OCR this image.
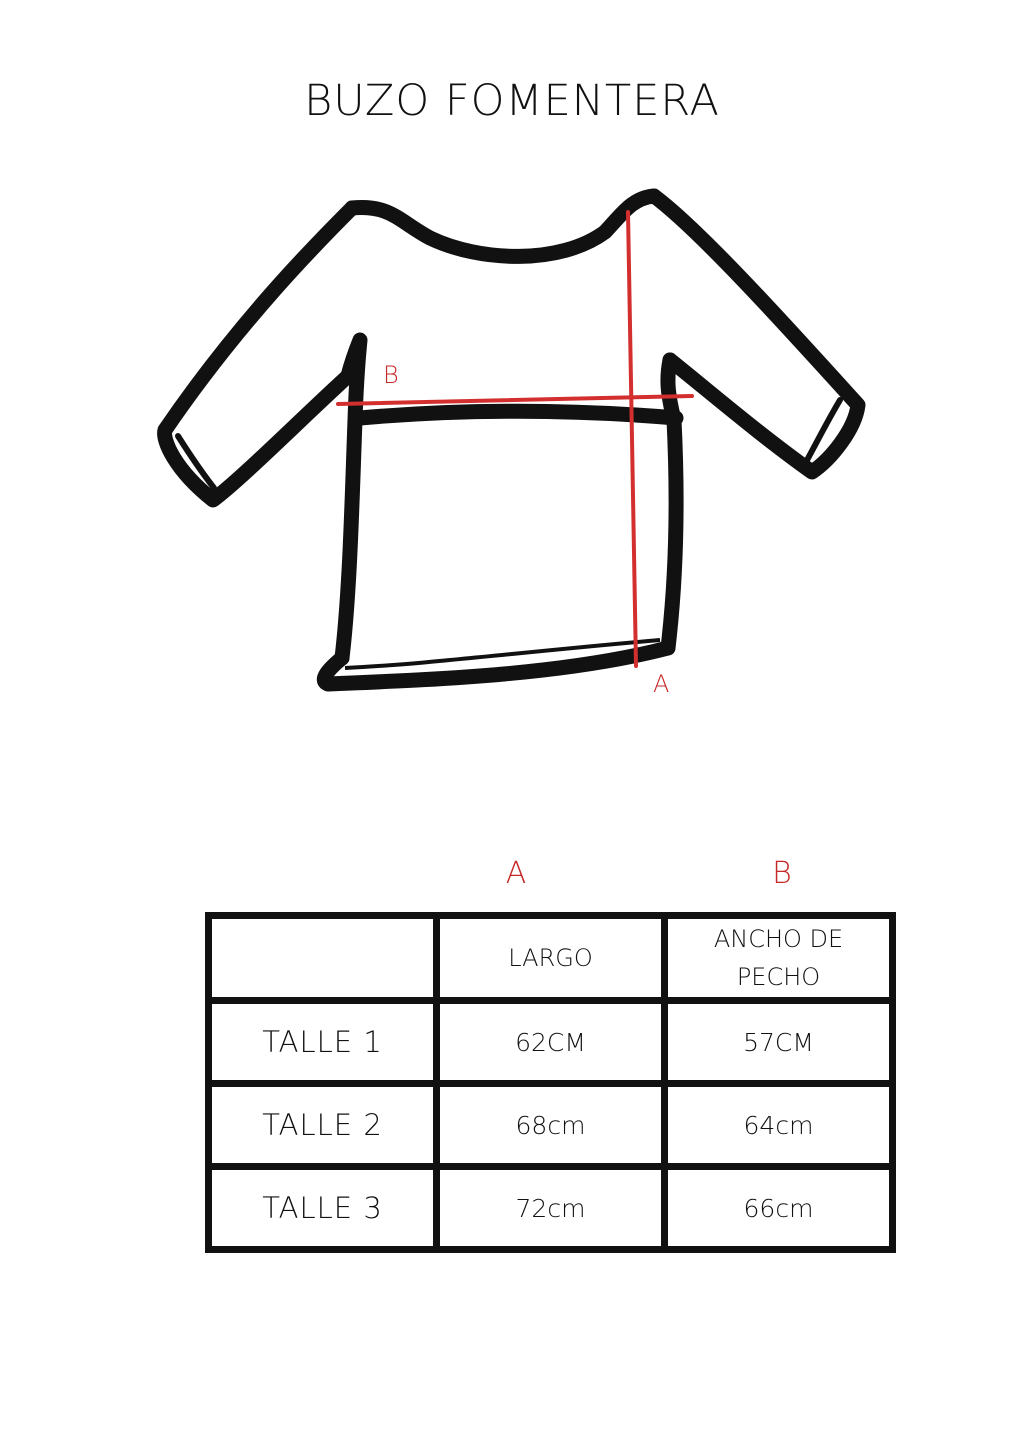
BUZO FOMENTERA
B
A
A	B
	LARGO	ANCHO DE PECHO

TALLE 1	62CM	57CM
TALLE 2	68cm	64cm
TALLE 3	72cm	66cm
